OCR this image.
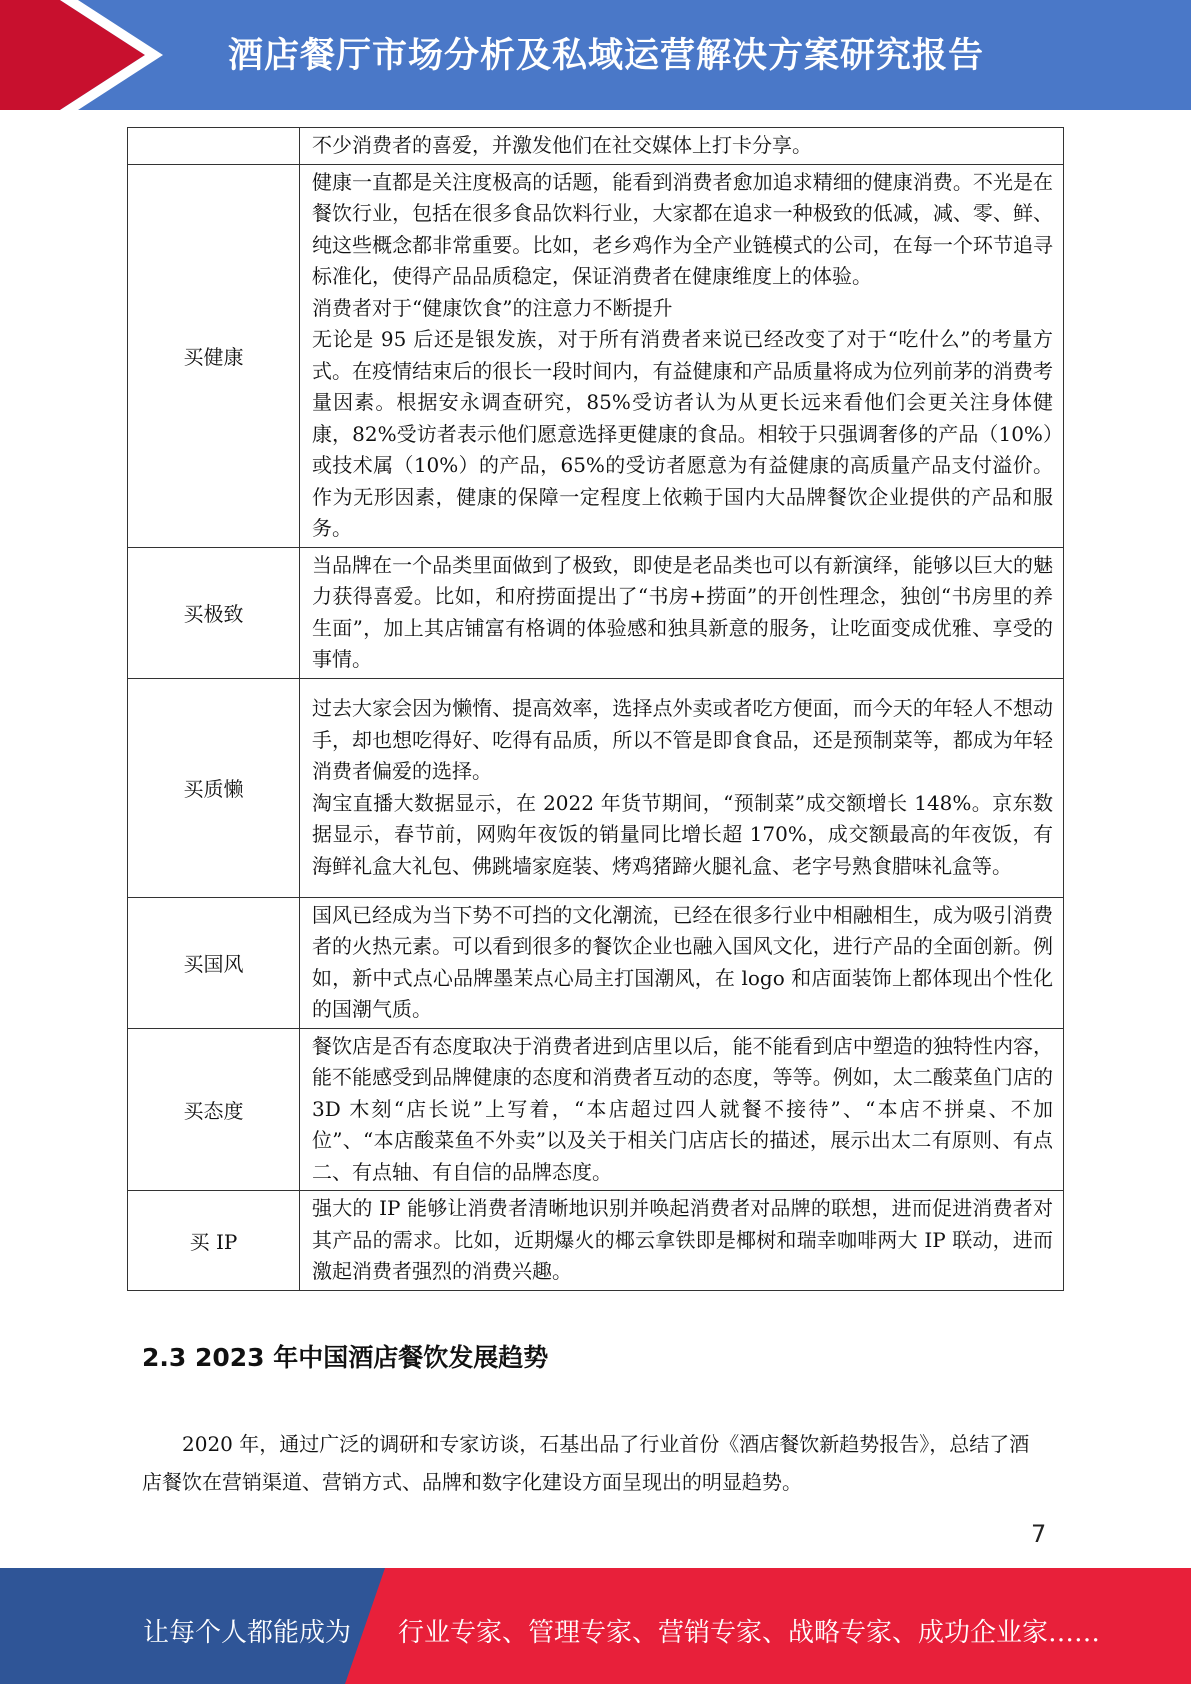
酒店餐厅市场分析及私域运营解决方案研究报告

	不少消费者的喜爱，并激发他们在社交媒体上打卡分享。

买健康	健康一直都是关注度极高的话题，能看到消费者愈加追求精细的健康消费。不光是在餐饮行业，包括在很多食品饮料行业，大家都在追求一种极致的低减，减、零、鲜、纯这些概念都非常重要。比如，老乡鸡作为全产业链模式的公司，在每一个环节追寻标准化，使得产品品质稳定，保证消费者在健康维度上的体验。

消费者对于“健康饮食”的注意力不断提升

无论是 95 后还是银发族，对于所有消费者来说已经改变了对于“吃什么”的考量方式。在疫情结束后的很长一段时间内，有益健康和产品质量将成为位列前茅的消费考量因素。根据安永调查研究，85%受访者认为从更长远来看他们会更关注身体健康，82%受访者表示他们愿意选择更健康的食品。相较于只强调奢侈的产品（10%）或技术属（10%）的产品，65%的受访者愿意为有益健康的高质量产品支付溢价。作为无形因素，健康的保障一定程度上依赖于国内大品牌餐饮企业提供的产品和服务。

买极致	当品牌在一个品类里面做到了极致，即使是老品类也可以有新演绎，能够以巨大的魅力获得喜爱。比如，和府捞面提出了“书房+捞面”的开创性理念，独创“书房里的养生面”，加上其店铺富有格调的体验感和独具新意的服务，让吃面变成优雅、享受的事情。

买质懒	过去大家会因为懒惰、提高效率，选择点外卖或者吃方便面，而今天的年轻人不想动手，却也想吃得好、吃得有品质，所以不管是即食食品，还是预制菜等，都成为年轻消费者偏爱的选择。

淘宝直播大数据显示，在 2022 年货节期间，“预制菜”成交额增长 148%。京东数据显示，春节前，网购年夜饭的销量同比增长超 170%，成交额最高的年夜饭，有海鲜礼盒大礼包、佛跳墙家庭装、烤鸡猪蹄火腿礼盒、老字号熟食腊味礼盒等。

买国风	国风已经成为当下势不可挡的文化潮流，已经在很多行业中相融相生，成为吸引消费者的火热元素。可以看到很多的餐饮企业也融入国风文化，进行产品的全面创新。例如，新中式点心品牌墨茉点心局主打国潮风，在 logo 和店面装饰上都体现出个性化的国潮气质。

买态度	餐饮店是否有态度取决于消费者进到店里以后，能不能看到店中塑造的独特性内容，能不能感受到品牌健康的态度和消费者互动的态度，等等。例如，太二酸菜鱼门店的 3D 木刻“店长说”上写着，“本店超过四人就餐不接待”、“本店不拼桌、不加位”、“本店酸菜鱼不外卖”以及关于相关门店店长的描述，展示出太二有原则、有点二、有点轴、有自信的品牌态度。

买 IP	强大的 IP 能够让消费者清晰地识别并唤起消费者对品牌的联想，进而促进消费者对其产品的需求。比如，近期爆火的椰云拿铁即是椰树和瑞幸咖啡两大 IP 联动，进而激起消费者强烈的消费兴趣。

2.3 2023 年中国酒店餐饮发展趋势
2020 年，通过广泛的调研和专家访谈，石基出品了行业首份《酒店餐饮新趋势报告》，总结了酒店餐饮在营销渠道、营销方式、品牌和数字化建设方面呈现出的明显趋势。
7
让每个人都能成为 行业专家、管理专家、营销专家、战略专家、成功企业家……
